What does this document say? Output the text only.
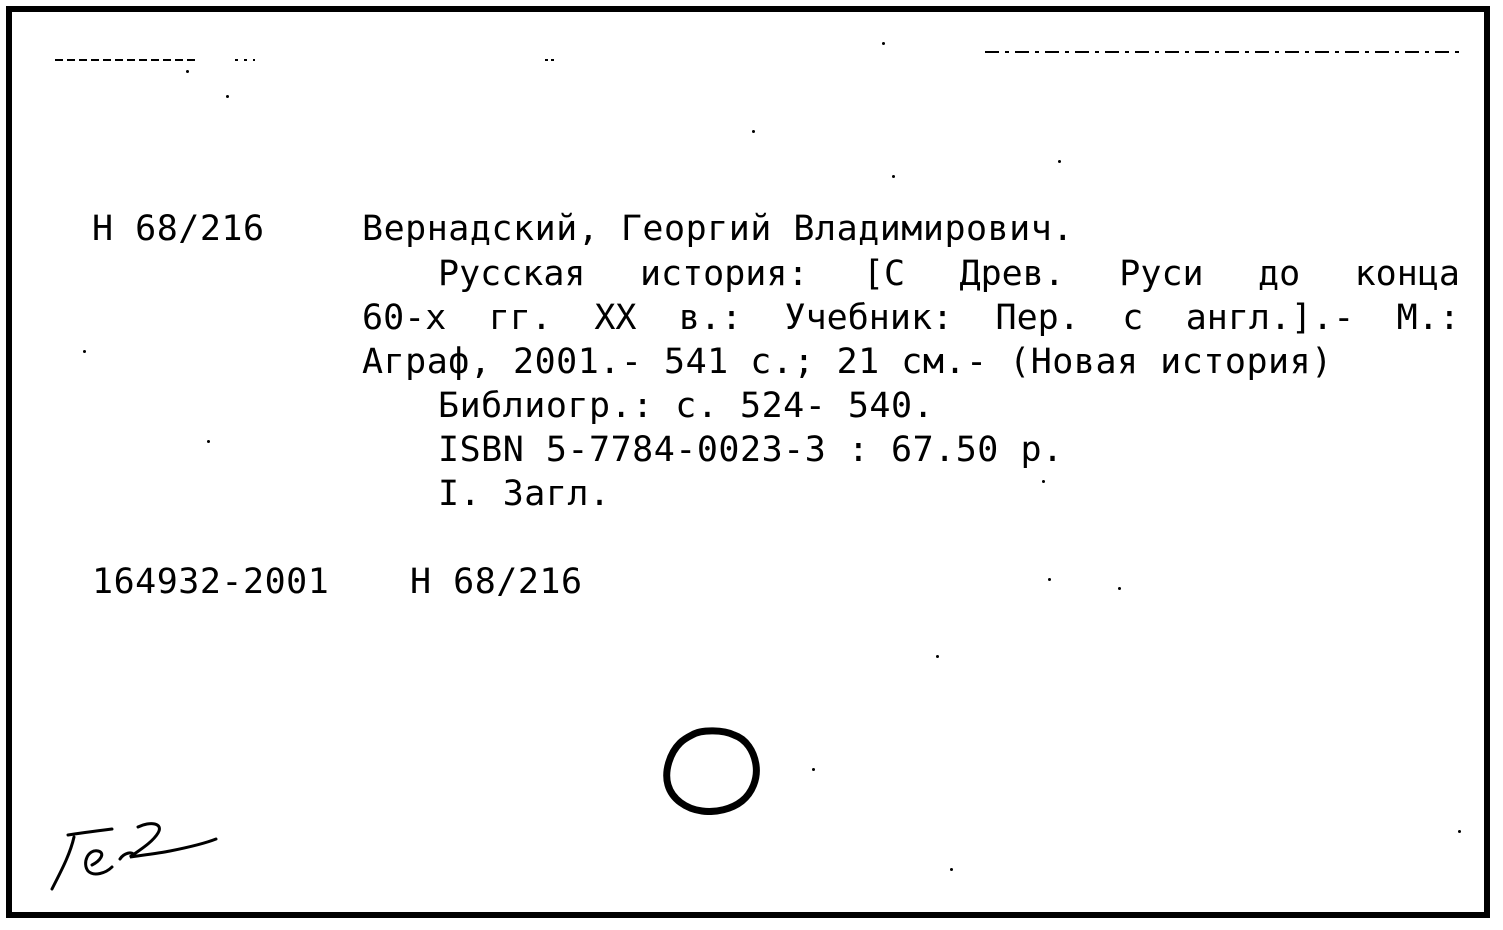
Н 68/216	Вернадский, Георгий Владимирович.
Русская история: [С Древ. Руси до конца
60-х гг. XX в.: Учебник: Пер. с англ.].- М.:
Аграф, 2001.- 541 с.; 21 см.- (Новая история)
Библиогр.: с. 524- 540.
ISBN 5-7784-0023-3 : 67.50 р.
I. Загл.
164932-2001 Н 68/216
